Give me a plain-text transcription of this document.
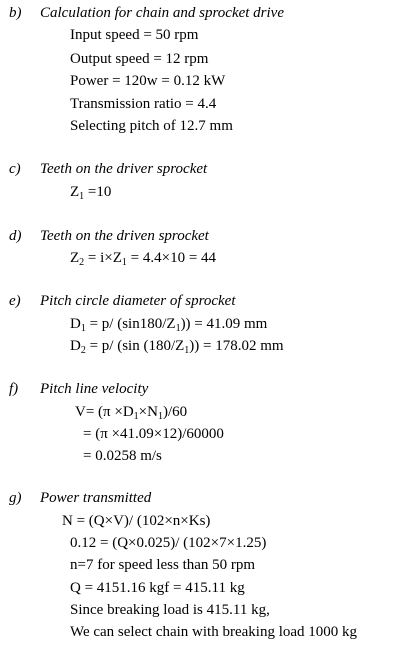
b) Calculation for chain and sprocket drive
Input speed = 50 rpm
Output speed = 12 rpm
Power = 120w = 0.12 kW
Transmission ratio = 4.4
Selecting pitch of 12.7 mm
c) Teeth on the driver sprocket
$Z_1 =10$
d) Teeth on the driven sprocket
$Z_2 = i\times Z_1 = 4.4\times 10 = 44$
e) Pitch circle diameter of sprocket
$D_1 = p/$ $(\sin 180/Z_1)) = 41.09$ mm
$D_2 = p/$ (sin $(180/Z_1)) = 178.02$ mm
f) Pitch line velocity
$V= (\pi \times D_1\times N_1)/60$
= (π ×41.09×12)/60000
= 0.0258 m/s
g) Power transmitted
N = (Q×V)/ (102×n×Ks)
0.12 = (Q×0.025)/ (102×7×1.25)
n=7 for speed less than 50 rpm
Q = 4151.16 kgf = 415.11 kg
Since breaking load is 415.11 kg,
We can select chain with breaking load 1000 kg
